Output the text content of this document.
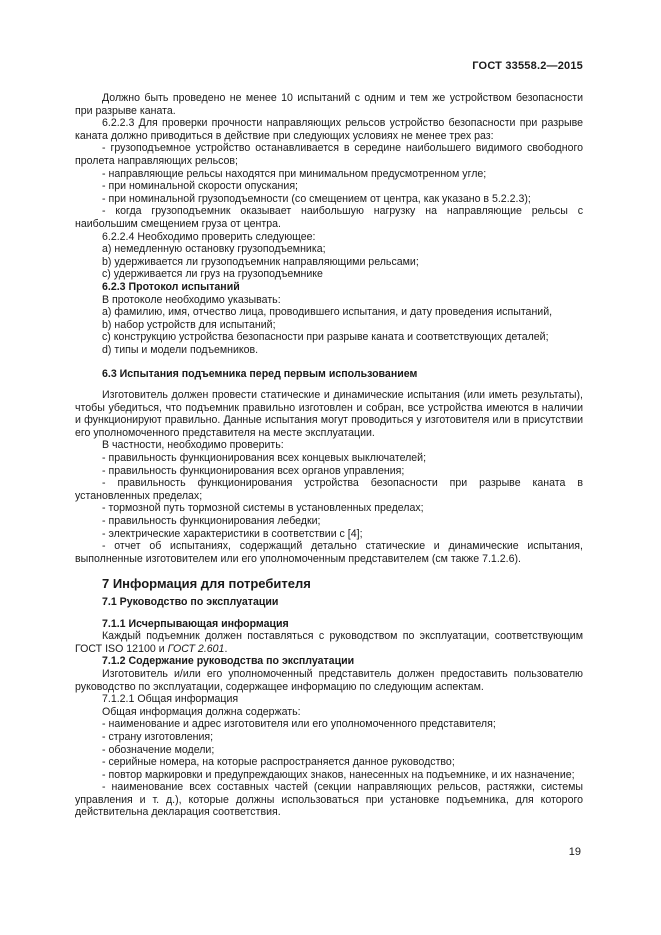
ГОСТ 33558.2—2015

Должно быть проведено не менее 10 испытаний с одним и тем же устройством безопасности при разрыве каната.

6.2.2.3 Для проверки прочности направляющих рельсов устройство безопасности при разрыве каната должно приводиться в действие при следующих условиях не менее трех раз:

- грузоподъемное устройство останавливается в середине наибольшего видимого свободного пролета направляющих рельсов;

- направляющие рельсы находятся при минимальном предусмотренном угле;

- при номинальной скорости опускания;

- при номинальной грузоподъемности (со смещением от центра, как указано в 5.2.2.3);

- когда грузоподъемник оказывает наибольшую нагрузку на направляющие рельсы с наибольшим смещением груза от центра.

6.2.2.4 Необходимо проверить следующее:

a) немедленную остановку грузоподъемника;

b) удерживается ли грузоподъемник направляющими рельсами;

c) удерживается ли груз на грузоподъемнике

6.2.3 Протокол испытаний

В протоколе необходимо указывать:

a) фамилию, имя, отчество лица, проводившего испытания, и дату проведения испытаний,

b) набор устройств для испытаний;

c) конструкцию устройства безопасности при разрыве каната и соответствующих деталей;

d) типы и модели подъемников.

6.3 Испытания подъемника перед первым использованием

Изготовитель должен провести статические и динамические испытания (или иметь результаты), чтобы убедиться, что подъемник правильно изготовлен и собран, все устройства имеются в наличии и функционируют правильно. Данные испытания могут проводиться у изготовителя или в присутствии его уполномоченного представителя на месте эксплуатации.

В частности, необходимо проверить:

- правильность функционирования всех концевых выключателей;

- правильность функционирования всех органов управления;

- правильность функционирования устройства безопасности при разрыве каната в установленных пределах;

- тормозной путь тормозной системы в установленных пределах;

- правильность функционирования лебедки;

- электрические характеристики в соответствии с [4];

- отчет об испытаниях, содержащий детально статические и динамические испытания, выполненные изготовителем или его уполномоченным представителем (см также 7.1.2.6).

7 Информация для потребителя

7.1 Руководство по эксплуатации

7.1.1 Исчерпывающая информация

Каждый подъемник должен поставляться с руководством по эксплуатации, соответствующим ГОСТ ISO 12100 и ГОСТ 2.601.

7.1.2 Содержание руководства по эксплуатации

Изготовитель и/или его уполномоченный представитель должен предоставить пользователю руководство по эксплуатации, содержащее информацию по следующим аспектам.

7.1.2.1 Общая информация

Общая информация должна содержать:

- наименование и адрес изготовителя или его уполномоченного представителя;

- страну изготовления;

- обозначение модели;

- серийные номера, на которые распространяется данное руководство;

- повтор маркировки и предупреждающих знаков, нанесенных на подъемнике, и их назначение;

- наименование всех составных частей (секции направляющих рельсов, растяжки, системы управления и т. д.), которые должны использоваться при установке подъемника, для которого действительна декларация соответствия.

19
